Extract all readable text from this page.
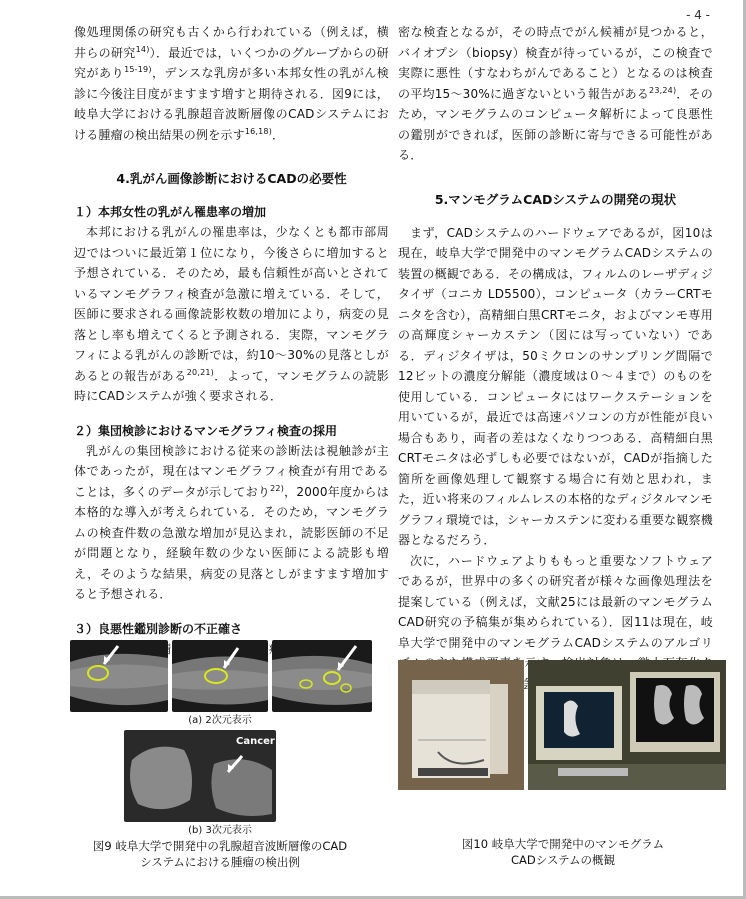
- 4 -

像処理関係の研究も古くから行われている（例えば，横井らの研究$^{14)}$）．最近では，いくつかのグループからの研究があり$^{15-19)}$，デンスな乳房が多い本邦女性の乳がん検診に今後注目度がますます増すと期待される．図9には，岐阜大学における乳腺超音波断層像のCADシステムにおける腫瘤の検出結果の例を示す$^{16,18)}$．

4.乳がん画像診断におけるCADの必要性
１）本邦女性の乳がん罹患率の増加

本邦における乳がんの罹患率は，少なくとも都市部周辺ではついに最近第１位になり，今後さらに増加すると予想されている．そのため，最も信頼性が高いとされているマンモグラフィ検査が急激に増えている．そして，医師に要求される画像読影枚数の増加により，病変の見落とし率も増えてくると予測される．実際，マンモグラフィによる乳がんの診断では，約10～30%の見落としがあるとの報告がある$^{20,21)}$．よって，マンモグラムの読影時にCADシステムが強く要求される．

２）集団検診におけるマンモグラフィ検査の採用

乳がんの集団検診における従来の診断法は視触診が主体であったが，現在はマンモグラフィ検査が有用であることは，多くのデータが示しており$^{22)}$，2000年度からは本格的な導入が考えられている．そのため，マンモグラムの検査件数の急激な増加が見込まれ，読影医師の不足が問題となり，経験年数の少ない医師による読影も増え，そのような結果，病変の見落としがますます増加すると予想される．

３）良悪性鑑別診断の不正確さ

密な検査となるが，その時点でがん候補が見つかると，バイオプシ（biopsy）検査が待っているが，この検査で実際に悪性（すなわちがんであること）となるのは検査の平均15～30%に過ぎないという報告がある$^{23,24)}$．そのため，マンモグラムのコンピュータ解析によって良悪性の鑑別ができれば，医師の診断に寄与できる可能性がある．

5.マンモグラムCADシステムの開発の現状

まず，CADシステムのハードウェアであるが，図10は現在，岐阜大学で開発中のマンモグラムCADシステムの装置の概観である．その構成は，フィルムのレーザディジタイザ（コニカ LD5500），コンピュータ（カラーCRTモニタを含む），高精細白黒CRTモニタ，およびマンモ専用の高輝度シャーカステン（図には写っていない）である．ディジタイザは，50ミクロンのサンプリング間隔で12ビットの濃度分解能（濃度域は０～４まで）のものを使用している．コンピュータにはワークステーションを用いているが，最近では高速パソコンの方が性能が良い場合もあり，両者の差はなくなりつつある．高精細白黒CRTモニタは必ずしも必要ではないが，CADが指摘した箇所を画像処理して観察する場合に有効と思われ，また，近い将来のフィルムレスの本格的なディジタルマンモグラフィ環境では，シャーカステンに変わる重要な観察機器となるだろう．

次に，ハードウェアよりももっと重要なソフトウェアであるが，世界中の多くの研究者が様々な画像処理法を提案している（例えば，文献25には最新のマンモグラムCAD研究の予稿集が集められている）．図11は現在，岐阜大学で開発中のマンモグラムCADシステムのアルゴリ の陰影

(a) 2次元表示
Cancer
(b) 3次元表示
図9 岐阜大学で開発中の乳腺超音波断層像のCAD
システムにおける腫瘤の検出例
図10 岐阜大学で開発中のマンモグラム
CADシステムの概観
